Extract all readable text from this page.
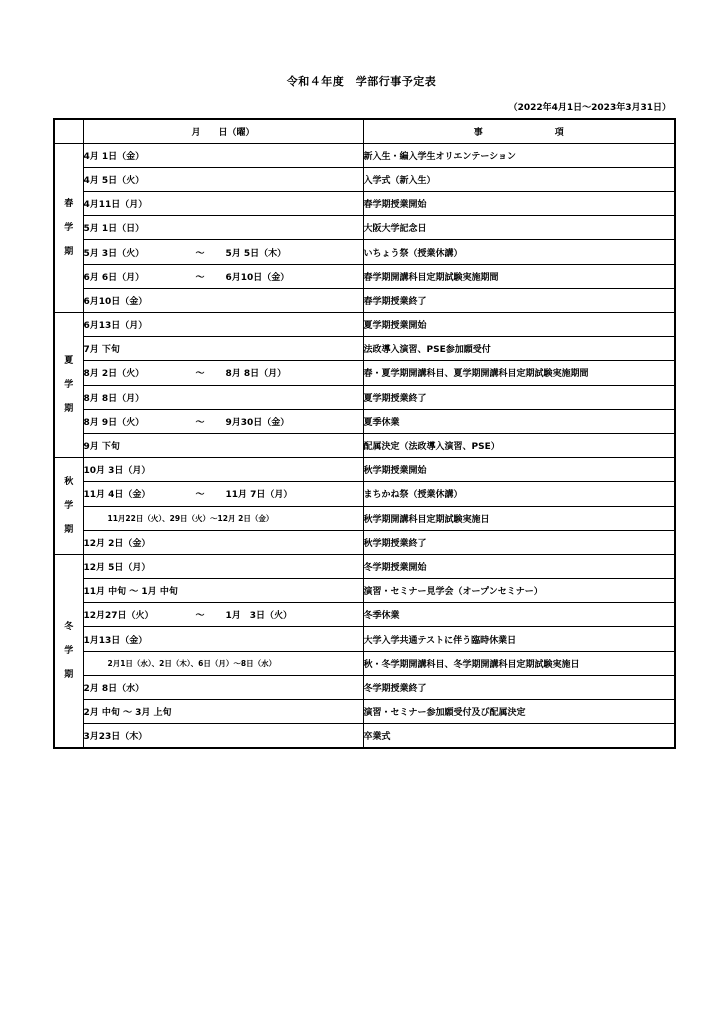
令和４年度　学部行事予定表
（2022年4月1日～2023年3月31日）
	月　　日（曜）	事　　　　　　　　項

春
学
期	4月 1日（金）	新入生・編入学生オリエンテーション
	4月 5日（火）	入学式（新入生）
	4月11日（月）	春学期授業開始
	5月 1日（日）	大阪大学記念日
	5月 3日（火） ～ 5月 5日（木）	いちょう祭（授業休講）
	6月 6日（月） ～ 6月10日（金）	春学期開講科目定期試験実施期間
	6月10日（金）	春学期授業終了

夏
学
期	6月13日（月）	夏学期授業開始
	7月 下旬	法政導入演習、PSE参加願受付
	8月 2日（火） ～ 8月 8日（月）	春・夏学期開講科目、夏学期開講科目定期試験実施期間
	8月 8日（月）	夏学期授業終了
	8月 9日（火） ～ 9月30日（金）	夏季休業
	9月 下旬	配属決定（法政導入演習、PSE）

秋
学
期	10月 3日（月）	秋学期授業開始
	11月 4日（金） ～ 11月 7日（月）	まちかね祭（授業休講）
	11月22日（火）、29日（火）～12月 2日（金）	秋学期開講科目定期試験実施日
	12月 2日（金）	秋学期授業終了

冬
学
期	12月 5日（月）	冬学期授業開始
	11月 中旬 ～ 1月 中旬	演習・セミナー見学会（オープンセミナー）
	12月27日（火） ～ 1月　3日（火）	冬季休業
	1月13日（金）	大学入学共通テストに伴う臨時休業日
	2月1日（水）、2日（木）、6日（月）～8日（水）	秋・冬学期開講科目、冬学期開講科目定期試験実施日
	2月 8日（水）	冬学期授業終了
	2月 中旬 ～ 3月 上旬	演習・セミナー参加願受付及び配属決定
	3月23日（木）	卒業式
